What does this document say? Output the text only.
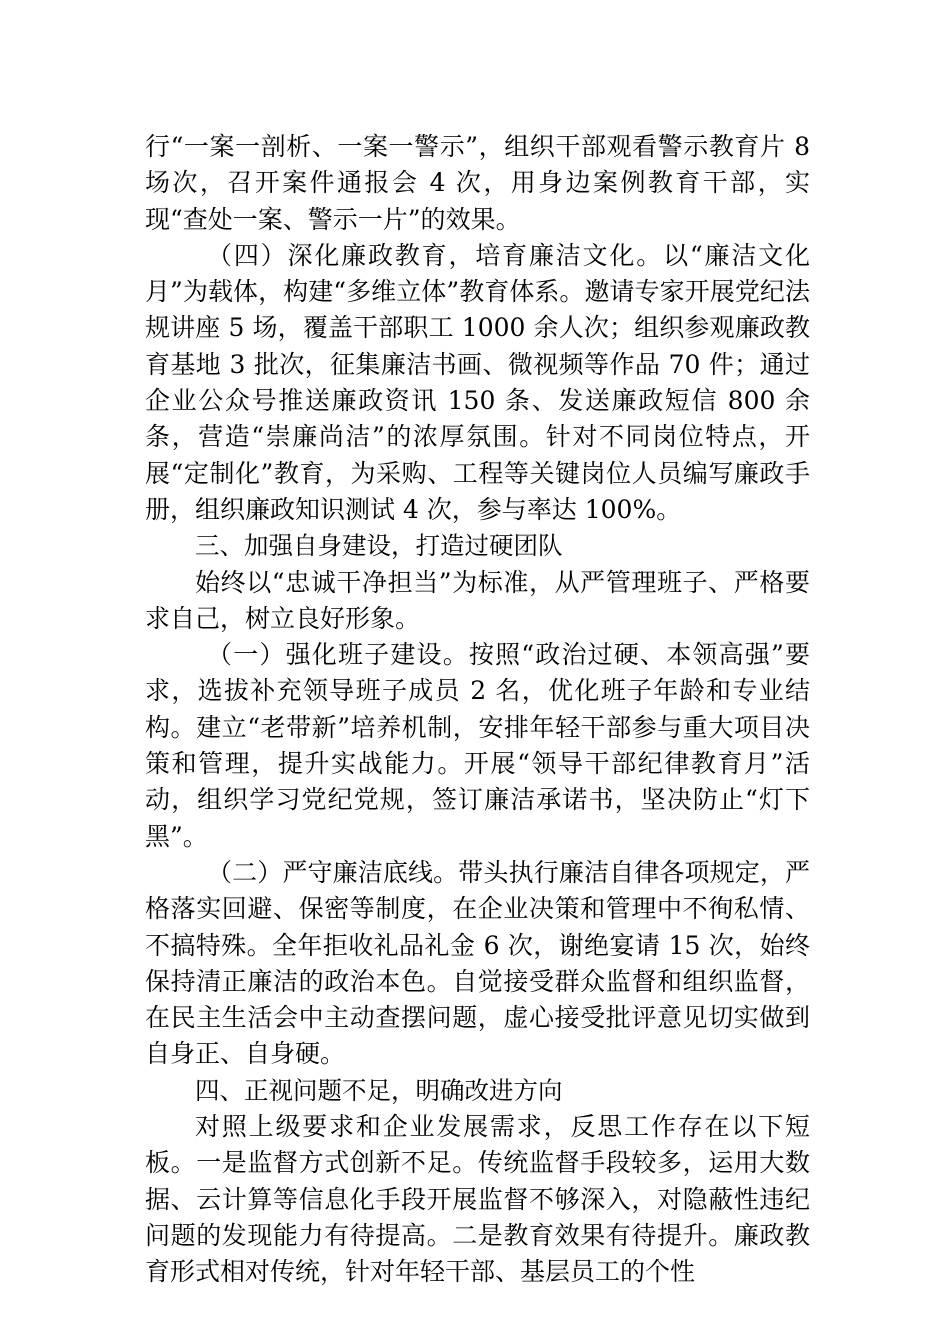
行“一案一剖析、一案一警示”，组织干部观看警示教育片 8 场次，召开案件通报会 4 次，用身边案例教育干部，实现“查处一案、警示一片”的效果。

（四）深化廉政教育，培育廉洁文化。以“廉洁文化月”为载体，构建“多维立体”教育体系。邀请专家开展党纪法规讲座 5 场，覆盖干部职工 1000 余人次；组织参观廉政教育基地 3 批次，征集廉洁书画、微视频等作品 70 件；通过企业公众号推送廉政资讯 150 条、发送廉政短信 800 余条，营造“崇廉尚洁”的浓厚氛围。针对不同岗位特点，开展“定制化”教育，为采购、工程等关键岗位人员编写廉政手册，组织廉政知识测试 4 次，参与率达 100%。

三、加强自身建设，打造过硬团队

始终以“忠诚干净担当”为标准，从严管理班子、严格要求自己，树立良好形象。

（一）强化班子建设。按照“政治过硬、本领高强”要求，选拔补充领导班子成员 2 名，优化班子年龄和专业结构。建立“老带新”培养机制，安排年轻干部参与重大项目决策和管理，提升实战能力。开展“领导干部纪律教育月”活动，组织学习党纪党规，签订廉洁承诺书，坚决防止“灯下黑”。

（二）严守廉洁底线。带头执行廉洁自律各项规定，严格落实回避、保密等制度，在企业决策和管理中不徇私情、不搞特殊。全年拒收礼品礼金 6 次，谢绝宴请 15 次，始终保持清正廉洁的政治本色。自觉接受群众监督和组织监督，在民主生活会中主动查摆问题，虚心接受批评意见切实做到自身正、自身硬。

四、正视问题不足，明确改进方向

对照上级要求和企业发展需求，反思工作存在以下短板。一是监督方式创新不足。传统监督手段较多，运用大数据、云计算等信息化手段开展监督不够深入，对隐蔽性违纪问题的发现能力有待提高。二是教育效果有待提升。廉政教育形式相对传统，针对年轻干部、基层员工的个性
